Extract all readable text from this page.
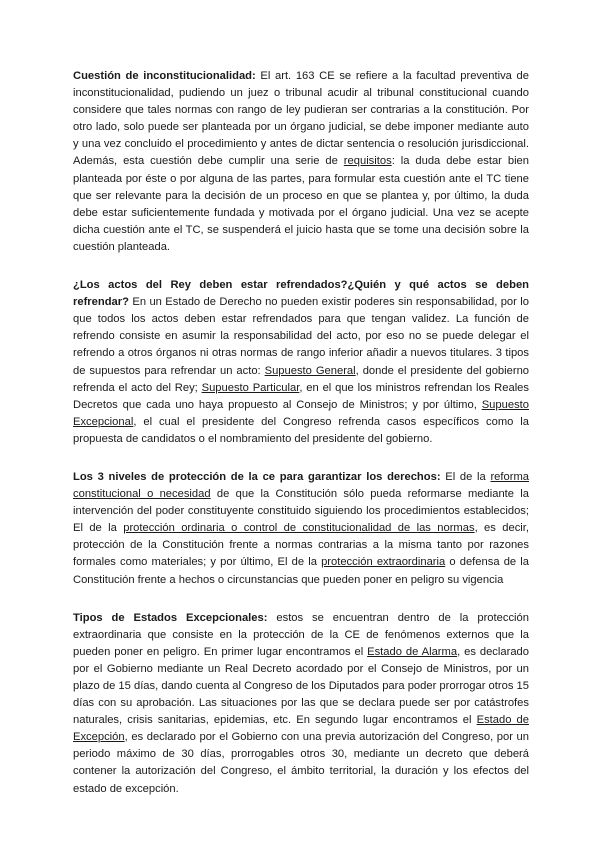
Cuestión de inconstitucionalidad: El art. 163 CE se refiere a la facultad preventiva de inconstitucionalidad, pudiendo un juez o tribunal acudir al tribunal constitucional cuando considere que tales normas con rango de ley pudieran ser contrarias a la constitución. Por otro lado, solo puede ser planteada por un órgano judicial, se debe imponer mediante auto y una vez concluido el procedimiento y antes de dictar sentencia o resolución jurisdiccional. Además, esta cuestión debe cumplir una serie de requisitos: la duda debe estar bien planteada por éste o por alguna de las partes, para formular esta cuestión ante el TC tiene que ser relevante para la decisión de un proceso en que se plantea y, por último, la duda debe estar suficientemente fundada y motivada por el órgano judicial. Una vez se acepte dicha cuestión ante el TC, se suspenderá el juicio hasta que se tome una decisión sobre la cuestión planteada.

¿Los actos del Rey deben estar refrendados?¿Quién y qué actos se deben refrendar? En un Estado de Derecho no pueden existir poderes sin responsabilidad, por lo que todos los actos deben estar refrendados para que tengan validez. La función de refrendo consiste en asumir la responsabilidad del acto, por eso no se puede delegar el refrendo a otros órganos ni otras normas de rango inferior añadir a nuevos titulares. 3 tipos de supuestos para refrendar un acto: Supuesto General, donde el presidente del gobierno refrenda el acto del Rey; Supuesto Particular, en el que los ministros refrendan los Reales Decretos que cada uno haya propuesto al Consejo de Ministros; y por último, Supuesto Excepcional, el cual el presidente del Congreso refrenda casos específicos como la propuesta de candidatos o el nombramiento del presidente del gobierno.

Los 3 niveles de protección de la ce para garantizar los derechos: El de la reforma constitucional o necesidad de que la Constitución sólo pueda reformarse mediante la intervención del poder constituyente constituido siguiendo los procedimientos establecidos; El de la protección ordinaria o control de constitucionalidad de las normas, es decir, protección de la Constitución frente a normas contrarias a la misma tanto por razones formales como materiales; y por último, El de la protección extraordinaria o defensa de la Constitución frente a hechos o circunstancias que pueden poner en peligro su vigencia

Tipos de Estados Excepcionales: estos se encuentran dentro de la protección extraordinaria que consiste en la protección de la CE de fenómenos externos que la pueden poner en peligro. En primer lugar encontramos el Estado de Alarma, es declarado por el Gobierno mediante un Real Decreto acordado por el Consejo de Ministros, por un plazo de 15 días, dando cuenta al Congreso de los Diputados para poder prorrogar otros 15 días con su aprobación. Las situaciones por las que se declara puede ser por catástrofes naturales, crisis sanitarias, epidemias, etc. En segundo lugar encontramos el Estado de Excepción, es declarado por el Gobierno con una previa autorización del Congreso, por un periodo máximo de 30 días, prorrogables otros 30, mediante un decreto que deberá contener la autorización del Congreso, el ámbito territorial, la duración y los efectos del estado de excepción.
